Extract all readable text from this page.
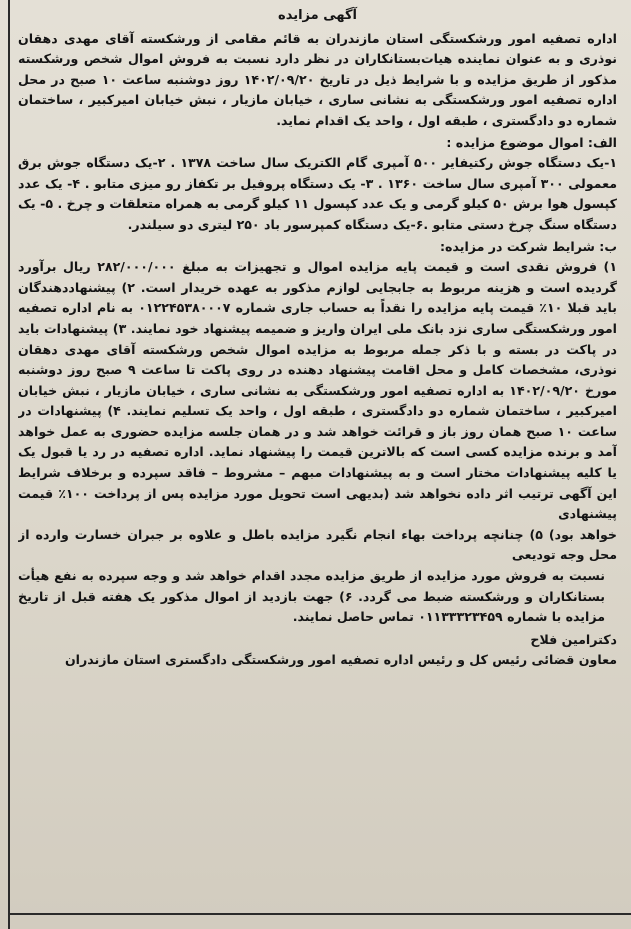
آگهی مزایده

اداره تصفیه امور ورشکستگی استان مازندران به قائم مقامی از ورشکسته آقای مهدی دهقان نوذری و به عنوان نماینده هیات‌بستانکاران در نظر دارد نسبت به فروش اموال شخص ورشکسته مذکور از طریق مزایده و با شرایط ذیل در تاریخ ۱۴۰۲/۰۹/۲۰ روز دوشنبه ساعت ۱۰ صبح در محل اداره تصفیه امور ورشکستگی به نشانی ساری ، خیابان مازیار ، نبش خیابان امیرکبیر ، ساختمان شماره دو دادگستری ، طبقه اول ، واحد یک اقدام نماید.

الف: اموال موضوع مزایده :

۱-یک دستگاه جوش رکتیفایر ۵۰۰ آمپری گام الکتریک سال ساخت ۱۳۷۸ . ۲-یک دستگاه جوش برق معمولی ۳۰۰ آمپری سال ساخت ۱۳۶۰ . ۳- یک دستگاه پروفیل بر تکفاز رو میزی متابو . ۴- یک عدد کپسول هوا برش ۵۰ کیلو گرمی و یک عدد کپسول ۱۱ کیلو گرمی به همراه متعلقات و چرخ . ۵- یک دستگاه سنگ چرخ دستی متابو .۶-یک دستگاه کمپرسور باد ۲۵۰ لیتری دو سیلندر.

ب: شرایط شرکت در مزایده:

۱) فروش نقدی است و قیمت پایه مزایده اموال و تجهیزات به مبلغ ۲۸۲/۰۰۰/۰۰۰ ریال برآورد گردیده است و هزینه مربوط به جابجایی لوازم مذکور به عهده خریدار است. ۲) پیشنهاددهندگان باید قبلا ۱۰٪ قیمت پایه مزایده را نقداً به حساب جاری شماره ۰۱۲۲۴۵۳۸۰۰۰۷ به نام اداره تصفیه امور ورشکستگی ساری نزد بانک ملی ایران واریز و ضمیمه پیشنهاد خود نمایند. ۳) پیشنهادات باید در پاکت در بسته و با ذکر جمله مربوط به مزایده اموال شخص ورشکسته آقای مهدی دهقان نوذری، مشخصات کامل و محل اقامت پیشنهاد دهنده در روی پاکت تا ساعت ۹ صبح روز دوشنبه مورخ ۱۴۰۲/۰۹/۲۰ به اداره تصفیه امور ورشکستگی به نشانی ساری ، خیابان مازیار ، نبش خیابان امیرکبیر ، ساختمان شماره دو دادگستری ، طبقه اول ، واحد یک تسلیم نمایند. ۴) پیشنهادات در ساعت ۱۰ صبح همان روز باز و قرائت خواهد شد و در همان جلسه مزایده حضوری به عمل خواهد آمد و برنده مزایده کسی است که بالاترین قیمت را پیشنهاد نماید. اداره تصفیه در رد یا قبول یک یا کلیه پیشنهادات مختار است و به پیشنهادات مبهم – مشروط – فاقد سپرده و برخلاف شرایط این آگهی ترتیب اثر داده نخواهد شد (بدیهی است تحویل مورد مزایده پس از پرداخت ۱۰۰٪ قیمت پیشنهادی

خواهد بود) ۵) چنانچه پرداخت بهاء انجام نگیرد مزایده باطل و علاوه بر جبران خسارت وارده از محل وجه تودیعی

نسبت به فروش مورد مزایده از طریق مزایده مجدد اقدام خواهد شد و وجه سپرده به نفع هیأت بستانکاران و ورشکسته ضبط می گردد. ۶) جهت بازدید از اموال مذکور یک هفته قبل از تاریخ مزایده با شماره ۰۱۱۳۳۳۲۳۴۵۹ تماس حاصل نمایند.

دکترامین فلاح

معاون قضائی رئیس کل و رئیس اداره تصفیه امور ورشکستگی دادگستری استان مازندران
